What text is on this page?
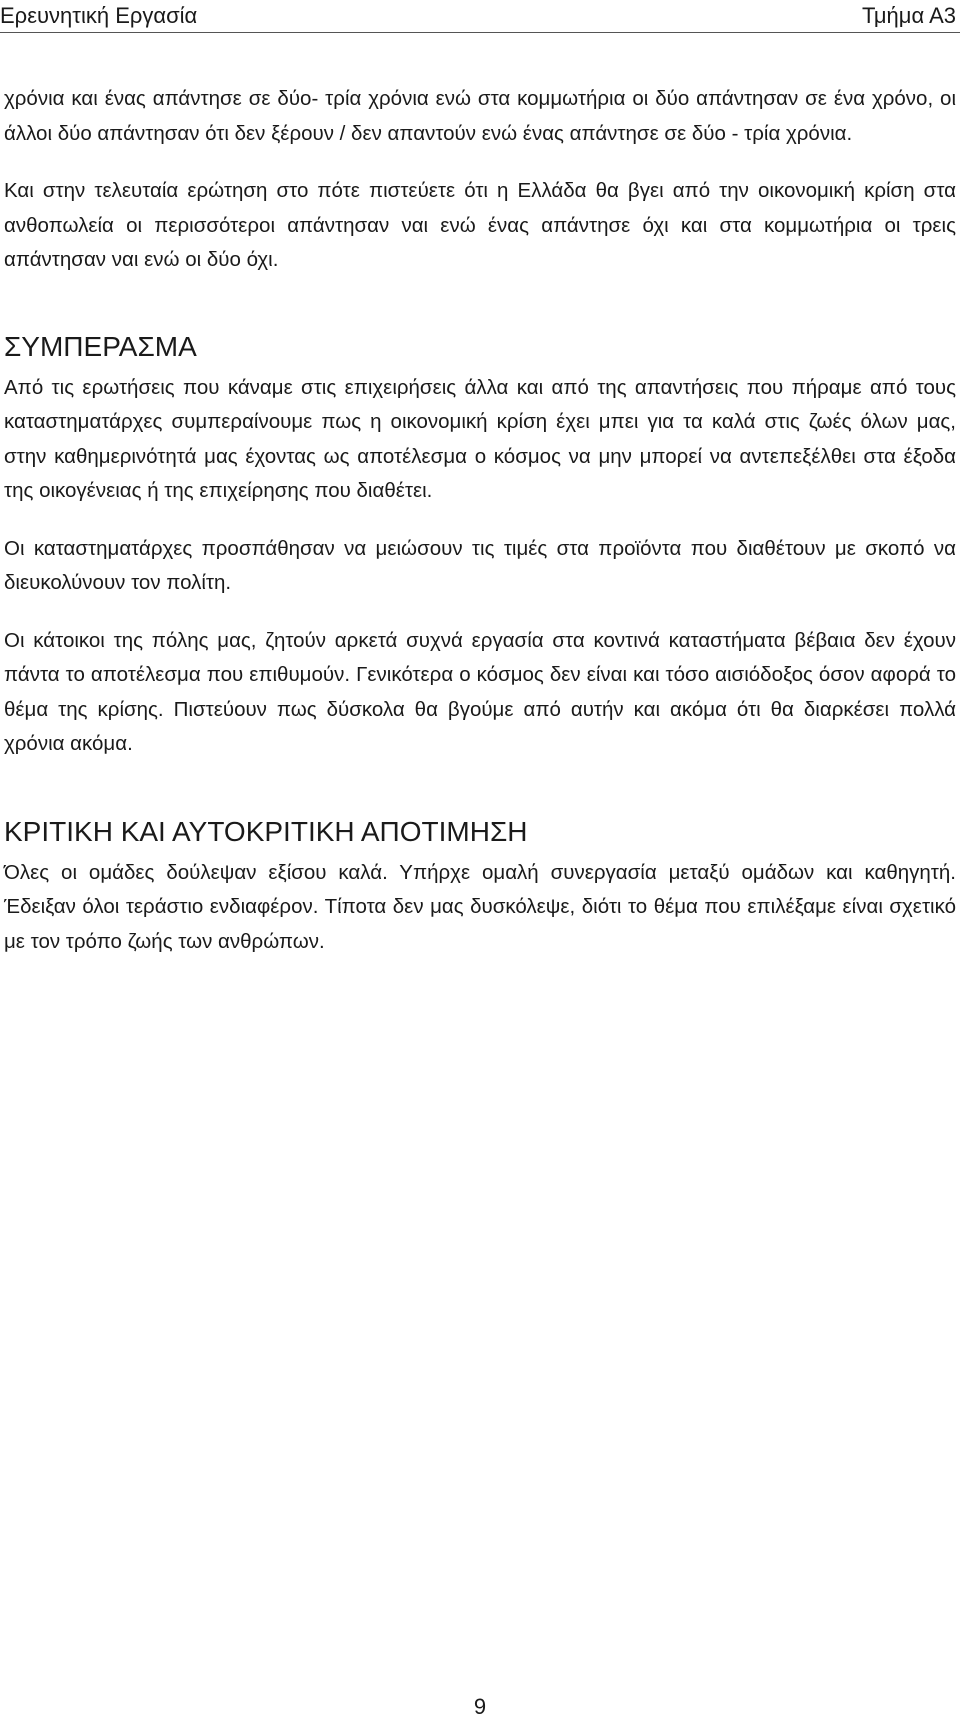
Ερευνητική Εργασία	Τμήμα Α3

χρόνια και ένας απάντησε σε δύο- τρία χρόνια ενώ στα κομμωτήρια οι δύο απάντησαν σε ένα χρόνο, οι άλλοι δύο απάντησαν ότι δεν ξέρουν / δεν απαντούν ενώ ένας απάντησε σε δύο - τρία χρόνια.

Και στην τελευταία ερώτηση στο πότε πιστεύετε ότι η Ελλάδα θα βγει από την οικονομική κρίση στα ανθοπωλεία οι περισσότεροι απάντησαν ναι ενώ ένας απάντησε όχι και στα κομμωτήρια οι τρεις απάντησαν ναι ενώ οι δύο όχι.

ΣΥΜΠΕΡΑΣΜΑ

Από τις ερωτήσεις που κάναμε στις επιχειρήσεις άλλα και από της απαντήσεις που πήραμε από τους καταστηματάρχες συμπεραίνουμε πως η οικονομική κρίση έχει μπει για τα καλά στις ζωές όλων μας, στην καθημερινότητά μας έχοντας ως αποτέλεσμα ο κόσμος να μην μπορεί να αντεπεξέλθει στα έξοδα της οικογένειας ή της επιχείρησης που διαθέτει.

Οι καταστηματάρχες προσπάθησαν να μειώσουν τις τιμές στα προϊόντα που διαθέτουν με σκοπό να διευκολύνουν τον πολίτη.

Οι κάτοικοι της πόλης μας, ζητούν αρκετά συχνά εργασία στα κοντινά καταστήματα βέβαια δεν έχουν πάντα το αποτέλεσμα που επιθυμούν. Γενικότερα ο κόσμος δεν είναι και τόσο αισιόδοξος όσον αφορά το θέμα της κρίσης. Πιστεύουν πως δύσκολα θα βγούμε από αυτήν και ακόμα ότι θα διαρκέσει πολλά χρόνια ακόμα.

ΚΡΙΤΙΚΗ ΚΑΙ ΑΥΤΟΚΡΙΤΙΚΗ ΑΠΟΤΙΜΗΣΗ

Όλες οι ομάδες δούλεψαν εξίσου καλά. Υπήρχε ομαλή συνεργασία μεταξύ ομάδων και καθηγητή. Έδειξαν όλοι τεράστιο ενδιαφέρον. Τίποτα δεν μας δυσκόλεψε, διότι το θέμα που επιλέξαμε είναι σχετικό με τον τρόπο ζωής των ανθρώπων.

9
